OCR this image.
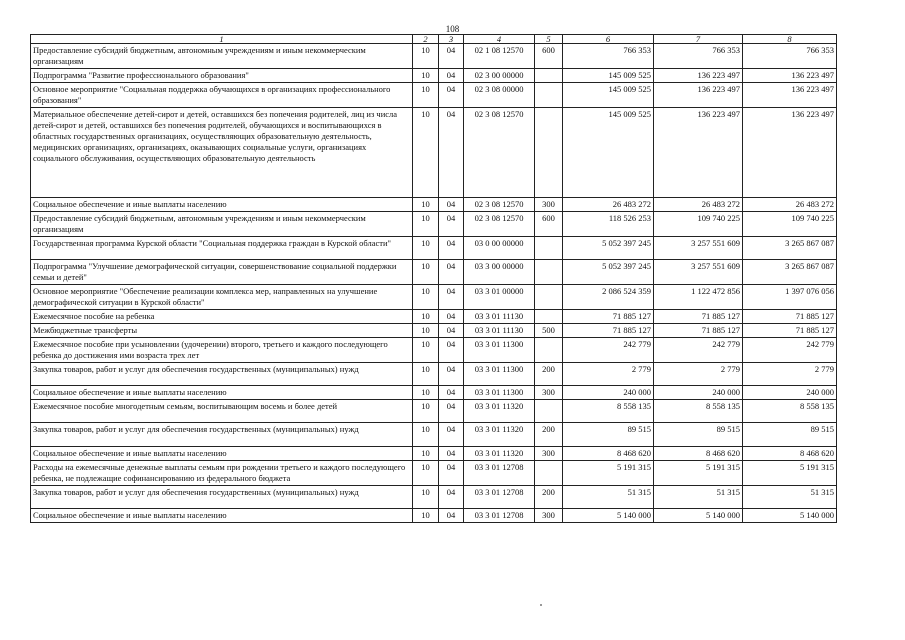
108
1	2	3	4	5	6	7	8
Предоставление субсидий бюджетным, автономным учреждениям и иным некоммерческим организациям	10	04	02 1 08 12570	600	766 353	766 353	766 353
Подпрограмма "Развитие профессионального образования"	10	04	02 3 00 00000		145 009 525	136 223 497	136 223 497
Основное мероприятие "Социальная поддержка обучающихся в организациях профессионального образования"	10	04	02 3 08 00000		145 009 525	136 223 497	136 223 497
Материальное обеспечение детей-сирот и детей, оставшихся без попечения родителей, лиц из числа детей-сирот и детей, оставшихся без попечения родителей, обучающихся и воспитывающихся в областных государственных организациях, осуществляющих образовательную деятельность, медицинских организациях, организациях, оказывающих социальные услуги, организациях социального обслуживания, осуществляющих образовательную деятельность	10	04	02 3 08 12570		145 009 525	136 223 497	136 223 497
Социальное обеспечение и иные выплаты населению	10	04	02 3 08 12570	300	26 483 272	26 483 272	26 483 272
Предоставление субсидий бюджетным, автономным учреждениям и иным некоммерческим организациям	10	04	02 3 08 12570	600	118 526 253	109 740 225	109 740 225
Государственная программа Курской области "Социальная поддержка граждан в Курской области"	10	04	03 0 00 00000		5 052 397 245	3 257 551 609	3 265 867 087
Подпрограмма "Улучшение демографической ситуации, совершенствование социальной поддержки семьи и детей"	10	04	03 3 00 00000		5 052 397 245	3 257 551 609	3 265 867 087
Основное мероприятие "Обеспечение реализации комплекса мер, направленных на улучшение демографической ситуации в Курской области"	10	04	03 3 01 00000		2 086 524 359	1 122 472 856	1 397 076 056
Ежемесячное пособие на ребенка	10	04	03 3 01 11130		71 885 127	71 885 127	71 885 127
Межбюджетные трансферты	10	04	03 3 01 11130	500	71 885 127	71 885 127	71 885 127
Ежемесячное пособие при усыновлении (удочерении) второго, третьего и каждого последующего ребенка до достижения ими возраста трех лет	10	04	03 3 01 11300		242 779	242 779	242 779
Закупка товаров, работ и услуг для обеспечения государственных (муниципальных) нужд	10	04	03 3 01 11300	200	2 779	2 779	2 779
Социальное обеспечение и иные выплаты населению	10	04	03 3 01 11300	300	240 000	240 000	240 000
Ежемесячное пособие многодетным семьям, воспитывающим восемь и более детей	10	04	03 3 01 11320		8 558 135	8 558 135	8 558 135
Закупка товаров, работ и услуг для обеспечения государственных (муниципальных) нужд	10	04	03 3 01 11320	200	89 515	89 515	89 515
Социальное обеспечение и иные выплаты населению	10	04	03 3 01 11320	300	8 468 620	8 468 620	8 468 620
Расходы на ежемесячные денежные выплаты семьям при рождении третьего и каждого последующего ребенка, не подлежащие софинансированию из федерального бюджета	10	04	03 3 01 12708		5 191 315	5 191 315	5 191 315
Закупка товаров, работ и услуг для обеспечения государственных (муниципальных) нужд	10	04	03 3 01 12708	200	51 315	51 315	51 315
Социальное обеспечение и иные выплаты населению	10	04	03 3 01 12708	300	5 140 000	5 140 000	5 140 000
